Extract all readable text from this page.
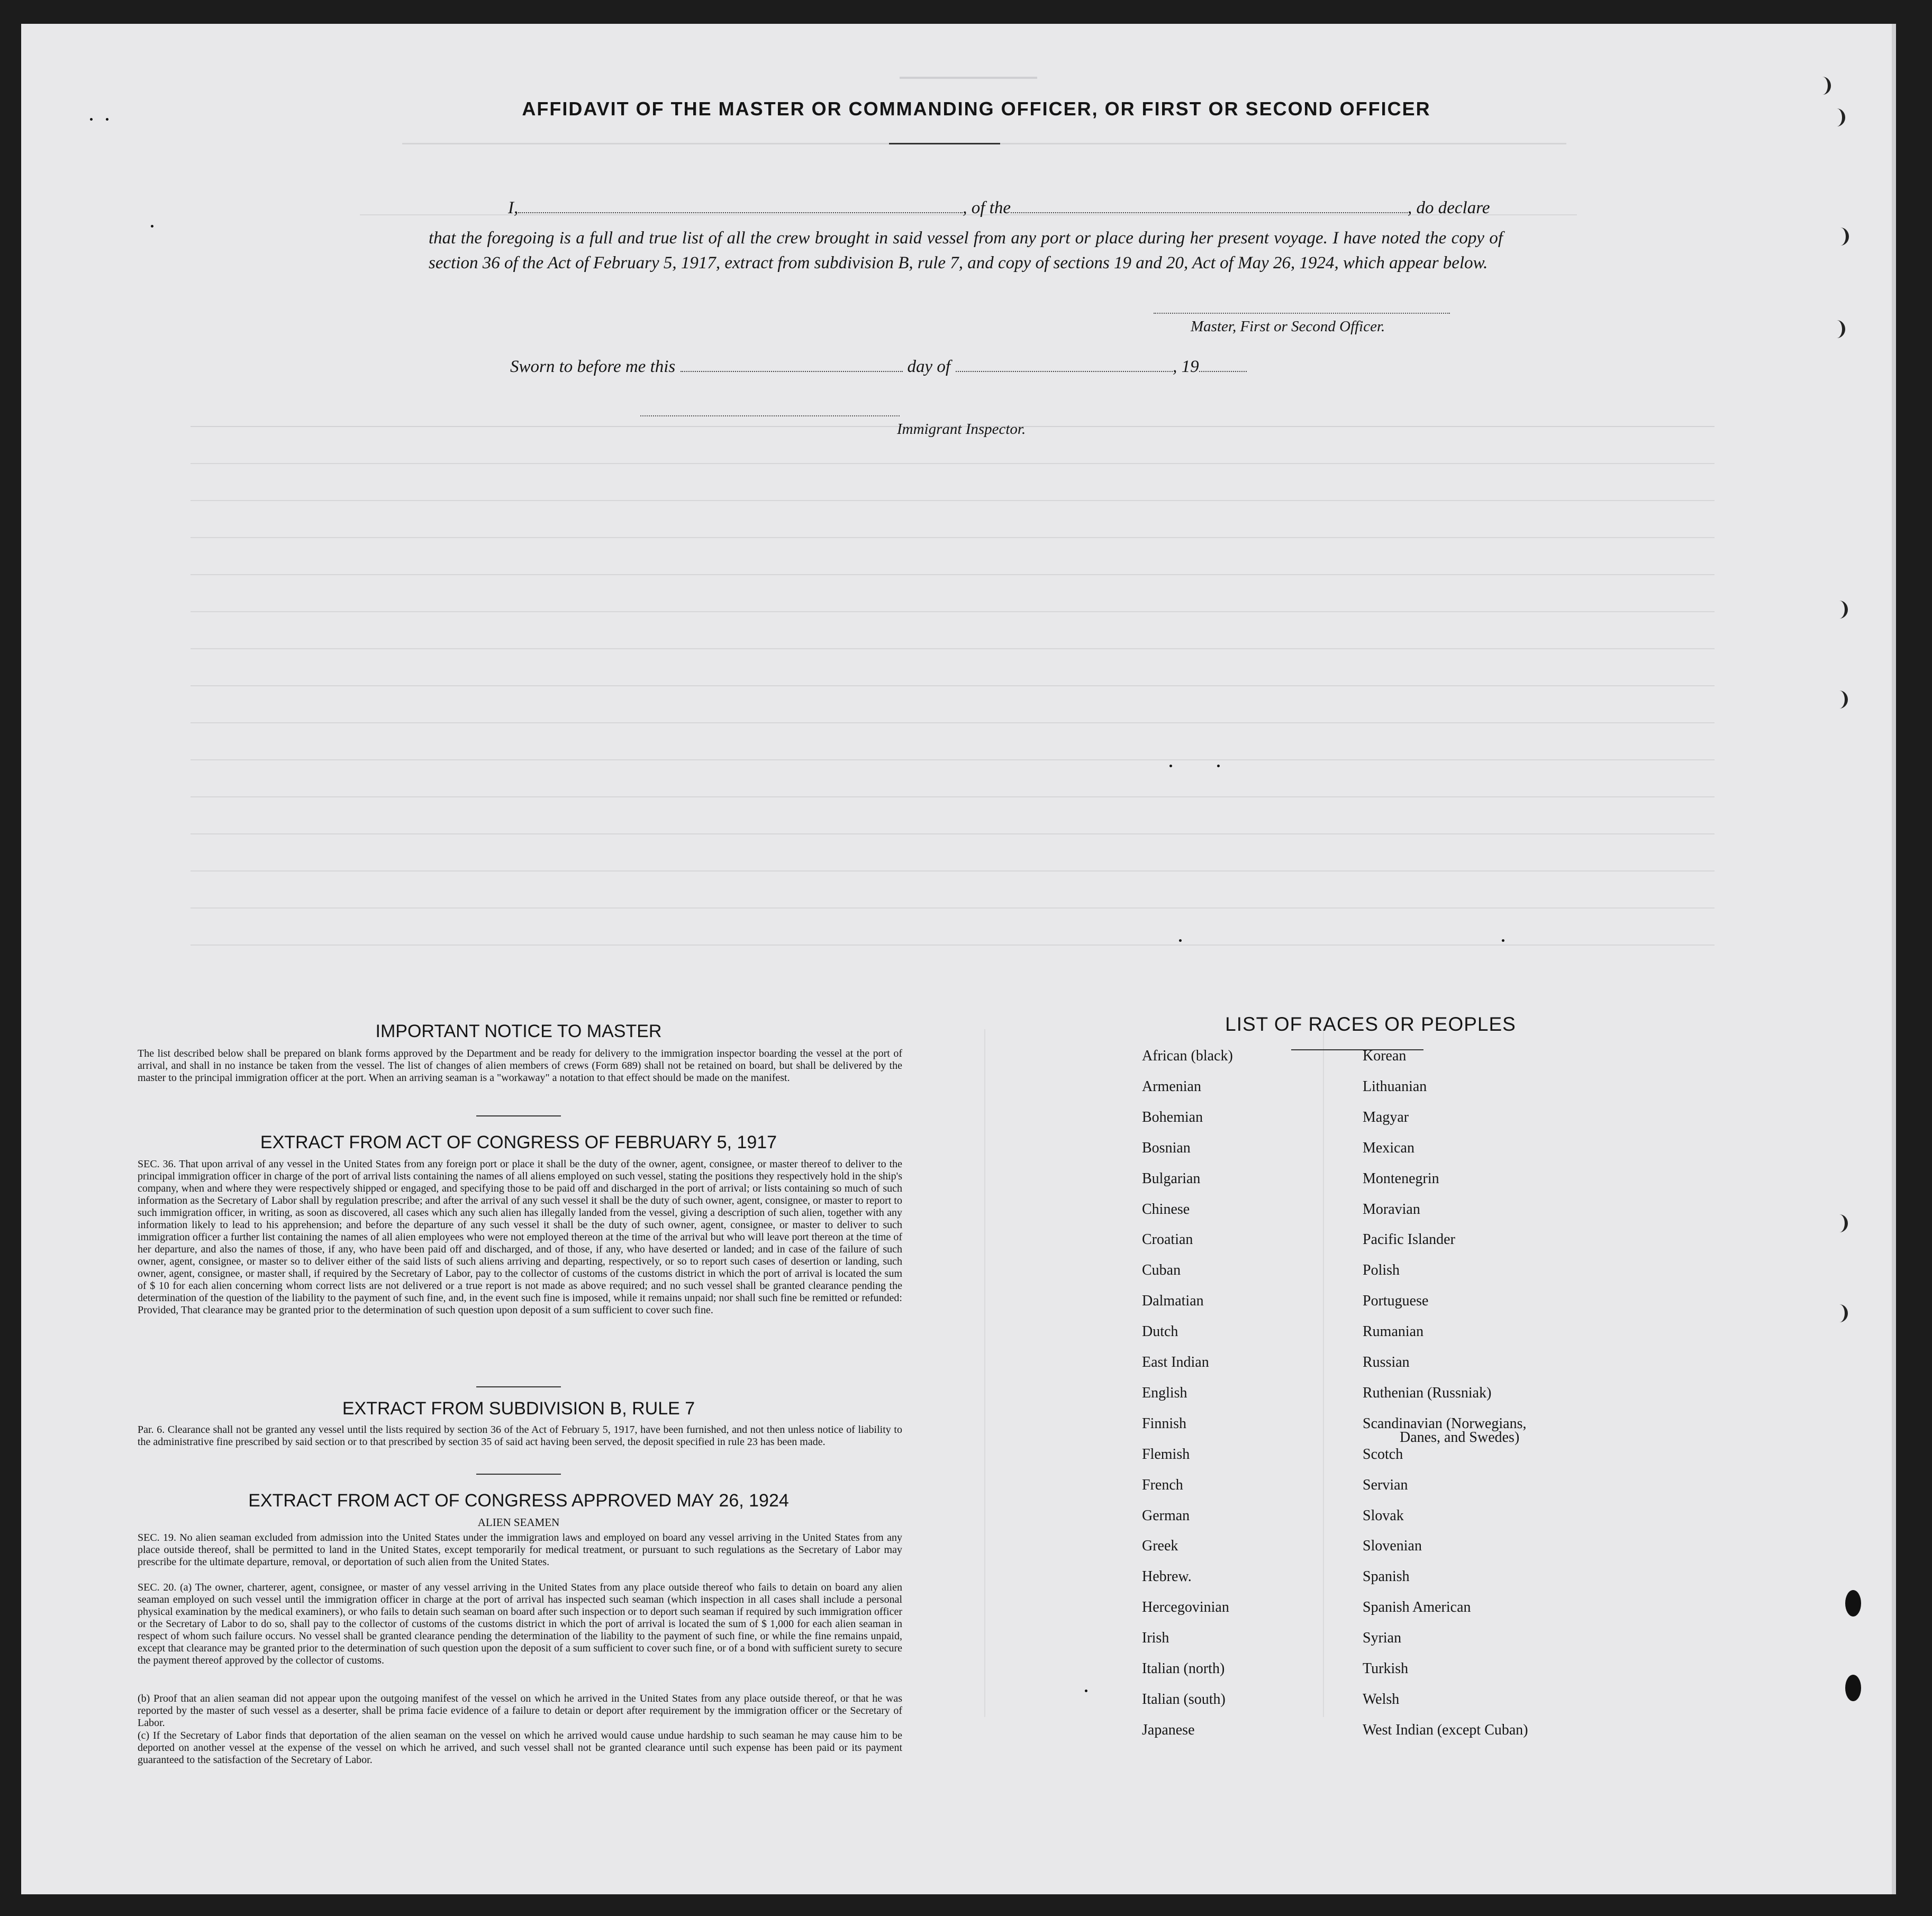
AFFIDAVIT OF THE MASTER OR COMMANDING OFFICER, OR FIRST OR SECOND OFFICER
I,	, of the	, do declare
that the foregoing is a full and true list of all the crew brought in said vessel from any port or place during her present voyage. I have noted the copy of section 36 of the Act of February 5, 1917, extract from subdivision B, rule 7, and copy of sections 19 and 20, Act of May 26, 1924, which appear below.
Master, First or Second Officer.
Sworn to before me this	day of	, 19
Immigrant Inspector.
IMPORTANT NOTICE TO MASTER
The list described below shall be prepared on blank forms approved by the Department and be ready for delivery to the immigration inspector boarding the vessel at the port of arrival, and shall in no instance be taken from the vessel. The list of changes of alien members of crews (Form 689) shall not be retained on board, but shall be delivered by the master to the principal immigration officer at the port. When an arriving seaman is a "workaway" a notation to that effect should be made on the manifest.
EXTRACT FROM ACT OF CONGRESS OF FEBRUARY 5, 1917
SEC. 36. That upon arrival of any vessel in the United States from any foreign port or place it shall be the duty of the owner, agent, consignee, or master thereof to deliver to the principal immigration officer in charge of the port of arrival lists containing the names of all aliens employed on such vessel, stating the positions they respectively hold in the ship's company, when and where they were respectively shipped or engaged, and specifying those to be paid off and discharged in the port of arrival; or lists containing so much of such information as the Secretary of Labor shall by regulation prescribe; and after the arrival of any such vessel it shall be the duty of such owner, agent, consignee, or master to report to such immigration officer, in writing, as soon as discovered, all cases which any such alien has illegally landed from the vessel, giving a description of such alien, together with any information likely to lead to his apprehension; and before the departure of any such vessel it shall be the duty of such owner, agent, consignee, or master to deliver to such immigration officer a further list containing the names of all alien employees who were not employed thereon at the time of the arrival but who will leave port thereon at the time of her departure, and also the names of those, if any, who have been paid off and discharged, and of those, if any, who have deserted or landed; and in case of the failure of such owner, agent, consignee, or master so to deliver either of the said lists of such aliens arriving and departing, respectively, or so to report such cases of desertion or landing, such owner, agent, consignee, or master shall, if required by the Secretary of Labor, pay to the collector of customs of the customs district in which the port of arrival is located the sum of $ 10 for each alien concerning whom correct lists are not delivered or a true report is not made as above required; and no such vessel shall be granted clearance pending the determination of the question of the liability to the payment of such fine, and, in the event such fine is imposed, while it remains unpaid; nor shall such fine be remitted or refunded: Provided, That clearance may be granted prior to the determination of such question upon deposit of a sum sufficient to cover such fine.
EXTRACT FROM SUBDIVISION B, RULE 7
Par. 6. Clearance shall not be granted any vessel until the lists required by section 36 of the Act of February 5, 1917, have been furnished, and not then unless notice of liability to the administrative fine prescribed by said section or to that prescribed by section 35 of said act having been served, the deposit specified in rule 23 has been made.
EXTRACT FROM ACT OF CONGRESS APPROVED MAY 26, 1924
ALIEN SEAMEN
SEC. 19. No alien seaman excluded from admission into the United States under the immigration laws and employed on board any vessel arriving in the United States from any place outside thereof, shall be permitted to land in the United States, except temporarily for medical treatment, or pursuant to such regulations as the Secretary of Labor may prescribe for the ultimate departure, removal, or deportation of such alien from the United States.
SEC. 20. (a) The owner, charterer, agent, consignee, or master of any vessel arriving in the United States from any place outside thereof who fails to detain on board any alien seaman employed on such vessel until the immigration officer in charge at the port of arrival has inspected such seaman (which inspection in all cases shall include a personal physical examination by the medical examiners), or who fails to detain such seaman on board after such inspection or to deport such seaman if required by such immigration officer or the Secretary of Labor to do so, shall pay to the collector of customs of the customs district in which the port of arrival is located the sum of $ 1,000 for each alien seaman in respect of whom such failure occurs. No vessel shall be granted clearance pending the determination of the liability to the payment of such fine, or while the fine remains unpaid, except that clearance may be granted prior to the determination of such question upon the deposit of a sum sufficient to cover such fine, or of a bond with sufficient surety to secure the payment thereof approved by the collector of customs.
(b) Proof that an alien seaman did not appear upon the outgoing manifest of the vessel on which he arrived in the United States from any place outside thereof, or that he was reported by the master of such vessel as a deserter, shall be prima facie evidence of a failure to detain or deport after requirement by the immigration officer or the Secretary of Labor.
(c) If the Secretary of Labor finds that deportation of the alien seaman on the vessel on which he arrived would cause undue hardship to such seaman he may cause him to be deported on another vessel at the expense of the vessel on which he arrived, and such vessel shall not be granted clearance until such expense has been paid or its payment guaranteed to the satisfaction of the Secretary of Labor.
LIST OF RACES OR PEOPLES
African (black)
Armenian
Bohemian
Bosnian
Bulgarian
Chinese
Croatian
Cuban
Dalmatian
Dutch
East Indian
English
Finnish
Flemish
French
German
Greek
Hebrew.
Hercegovinian
Irish
Italian (north)
Italian (south)
Japanese
Korean
Lithuanian
Magyar
Mexican
Montenegrin
Moravian
Pacific Islander
Polish
Portuguese
Rumanian
Russian
Ruthenian (Russniak)
Scandinavian (Norwegians,
Danes, and Swedes)
Scotch
Servian
Slovak
Slovenian
Spanish
Spanish American
Syrian
Turkish
Welsh
West Indian (except Cuban)
